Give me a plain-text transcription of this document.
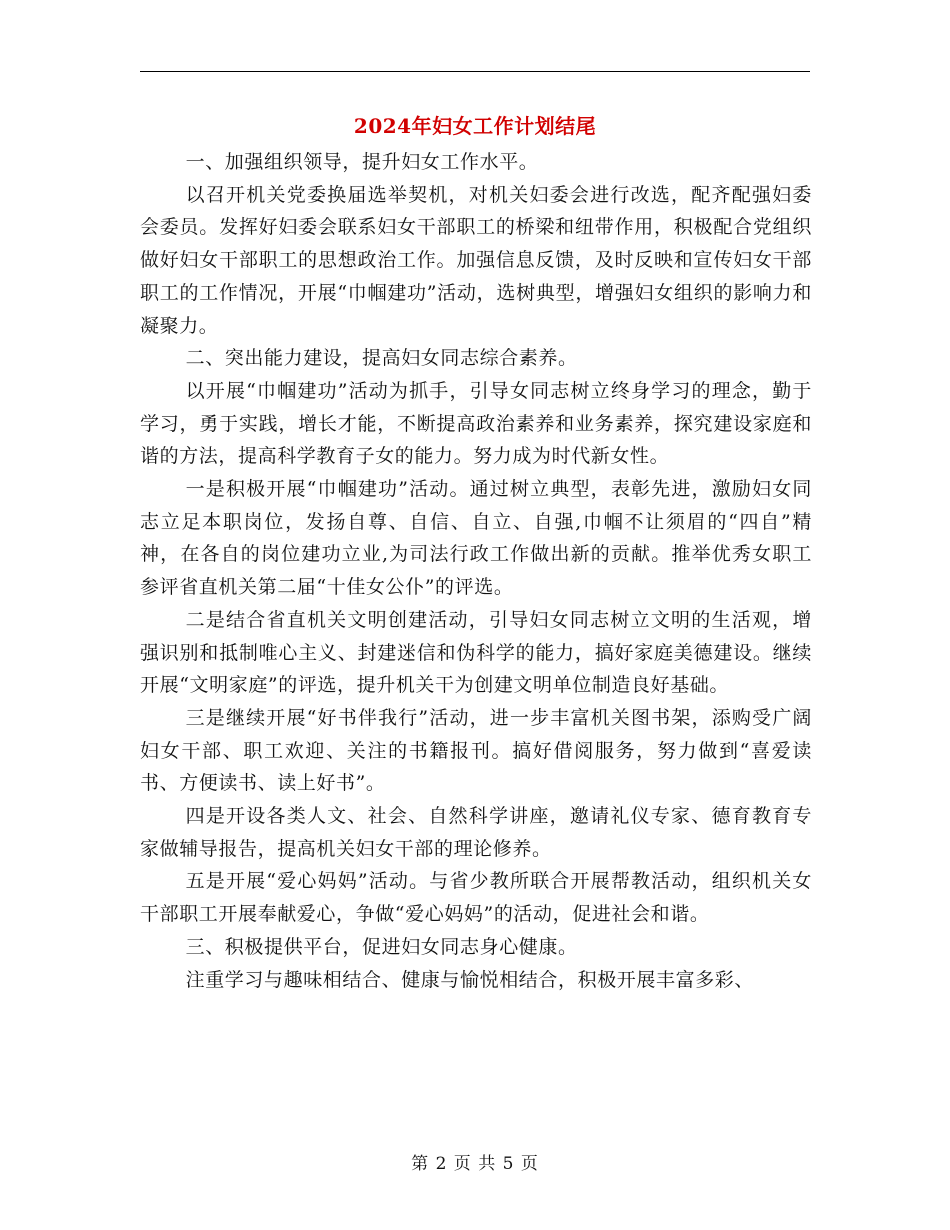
2024年妇女工作计划结尾

一、加强组织领导，提升妇女工作水平。

以召开机关党委换届选举契机，对机关妇委会进行改选，配齐配强妇委会委员。发挥好妇委会联系妇女干部职工的桥梁和纽带作用，积极配合党组织做好妇女干部职工的思想政治工作。加强信息反馈，及时反映和宣传妇女干部职工的工作情况，开展“巾帼建功”活动，选树典型，增强妇女组织的影响力和凝聚力。

二、突出能力建设，提高妇女同志综合素养。

以开展“巾帼建功”活动为抓手，引导女同志树立终身学习的理念，勤于学习，勇于实践，增长才能，不断提高政治素养和业务素养，探究建设家庭和谐的方法，提高科学教育子女的能力。努力成为时代新女性。

一是积极开展“巾帼建功”活动。通过树立典型，表彰先进，激励妇女同志立足本职岗位，发扬自尊、自信、自立、自强,巾帼不让须眉的“四自”精神，在各自的岗位建功立业,为司法行政工作做出新的贡献。推举优秀女职工参评省直机关第二届“十佳女公仆”的评选。

二是结合省直机关文明创建活动，引导妇女同志树立文明的生活观，增强识别和抵制唯心主义、封建迷信和伪科学的能力，搞好家庭美德建设。继续开展“文明家庭”的评选，提升机关干为创建文明单位制造良好基础。

三是继续开展“好书伴我行”活动，进一步丰富机关图书架，添购受广阔妇女干部、职工欢迎、关注的书籍报刊。搞好借阅服务，努力做到“喜爱读书、方便读书、读上好书”。

四是开设各类人文、社会、自然科学讲座，邀请礼仪专家、德育教育专家做辅导报告，提高机关妇女干部的理论修养。

五是开展“爱心妈妈”活动。与省少教所联合开展帮教活动，组织机关女干部职工开展奉献爱心，争做“爱心妈妈”的活动，促进社会和谐。

三、积极提供平台，促进妇女同志身心健康。

注重学习与趣味相结合、健康与愉悦相结合，积极开展丰富多彩、

第 2 页 共 5 页
